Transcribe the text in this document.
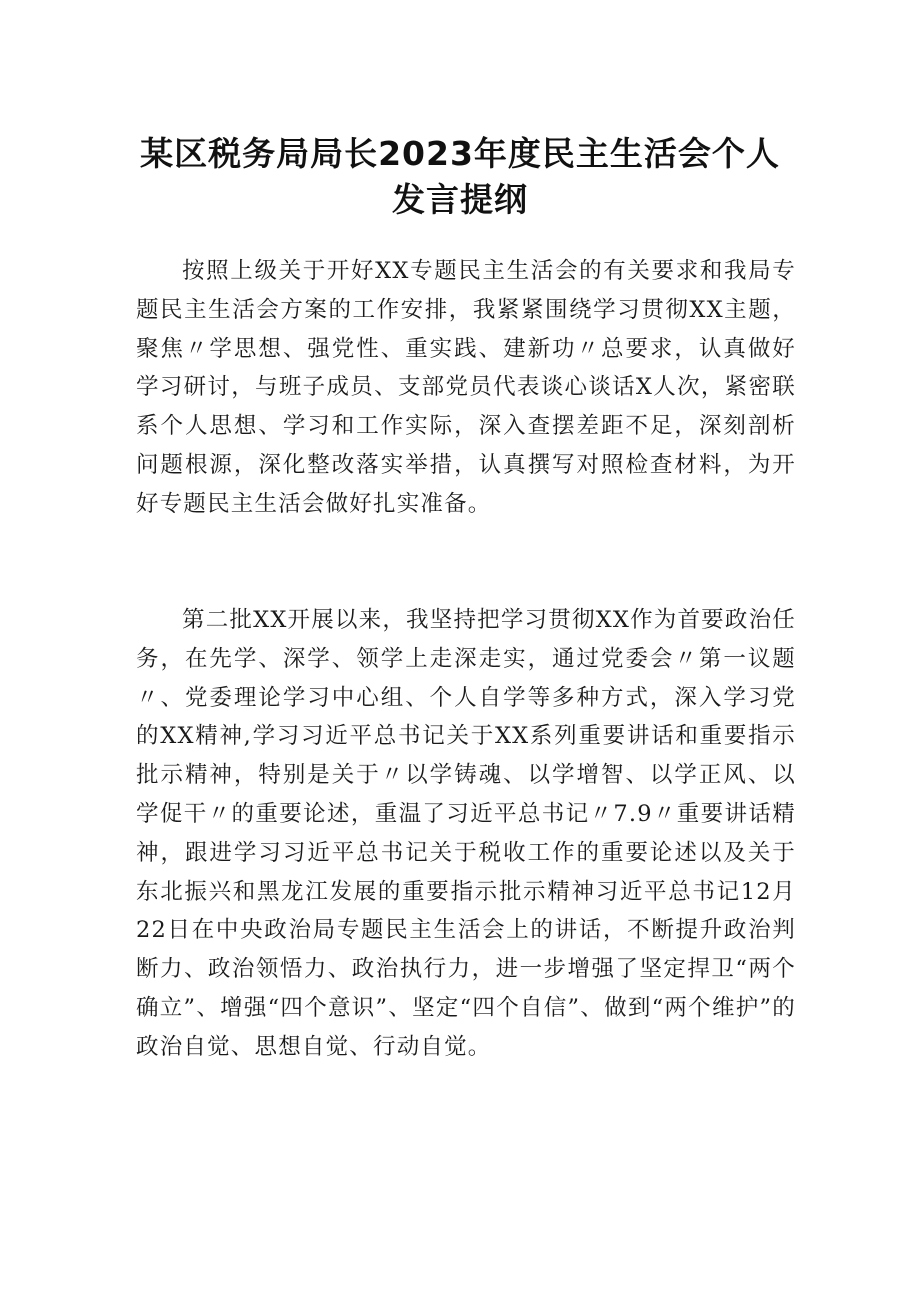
某区税务局局长2023年度民主生活会个人
发言提纲

按照上级关于开好XX专题民主生活会的有关要求和我局专题民主生活会方案的工作安排，我紧紧围绕学习贯彻XX主题，聚焦〃学思想、强党性、重实践、建新功〃总要求，认真做好学习研讨，与班子成员、支部党员代表谈心谈话X人次，紧密联系个人思想、学习和工作实际，深入查摆差距不足，深刻剖析问题根源，深化整改落实举措，认真撰写对照检查材料，为开好专题民主生活会做好扎实准备。

第二批XX开展以来，我坚持把学习贯彻XX作为首要政治任务，在先学、深学、领学上走深走实，通过党委会〃第一议题〃、党委理论学习中心组、个人自学等多种方式，深入学习党的XX精神,学习习近平总书记关于XX系列重要讲话和重要指示批示精神，特别是关于〃以学铸魂、以学增智、以学正风、以学促干〃的重要论述，重温了习近平总书记〃7.9〃重要讲话精神，跟进学习习近平总书记关于税收工作的重要论述以及关于东北振兴和黑龙江发展的重要指示批示精神习近平总书记12月22日在中央政治局专题民主生活会上的讲话，不断提升政治判断力、政治领悟力、政治执行力，进一步增强了坚定捍卫“两个确立”、增强“四个意识”、坚定“四个自信”、做到“两个维护”的政治自觉、思想自觉、行动自觉。
